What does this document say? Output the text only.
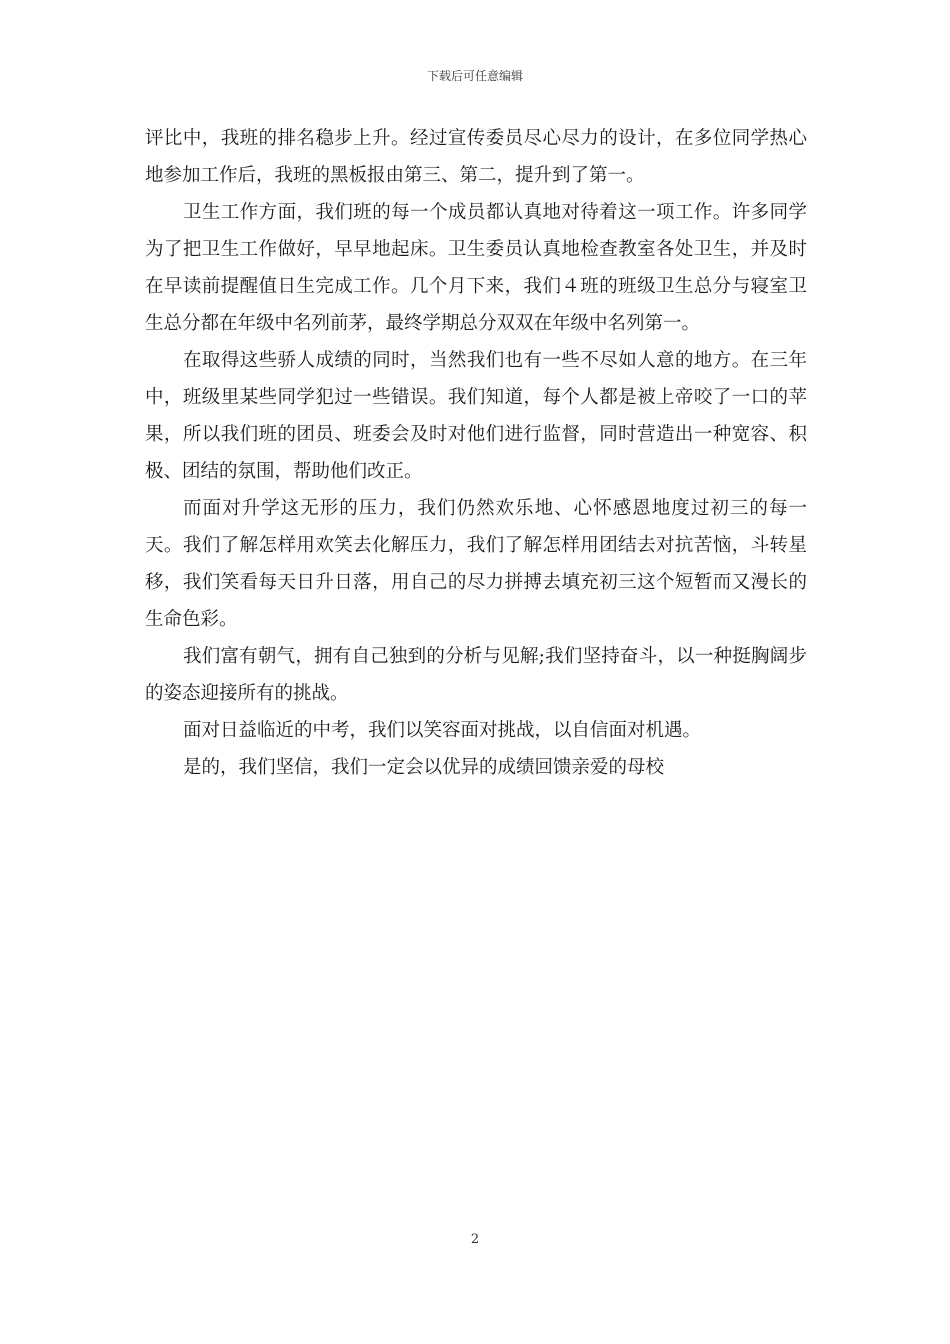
下载后可任意编辑

评比中，我班的排名稳步上升。经过宣传委员尽心尽力的设计，在多位同学热心地参加工作后，我班的黑板报由第三、第二，提升到了第一。

卫生工作方面，我们班的每一个成员都认真地对待着这一项工作。许多同学为了把卫生工作做好，早早地起床。卫生委员认真地检查教室各处卫生，并及时在早读前提醒值日生完成工作。几个月下来，我们４班的班级卫生总分与寝室卫生总分都在年级中名列前茅，最终学期总分双双在年级中名列第一。

在取得这些骄人成绩的同时，当然我们也有一些不尽如人意的地方。在三年中，班级里某些同学犯过一些错误。我们知道，每个人都是被上帝咬了一口的苹果，所以我们班的团员、班委会及时对他们进行监督，同时营造出一种宽容、积极、团结的氛围，帮助他们改正。

而面对升学这无形的压力，我们仍然欢乐地、心怀感恩地度过初三的每一天。我们了解怎样用欢笑去化解压力，我们了解怎样用团结去对抗苦恼，斗转星移，我们笑看每天日升日落，用自己的尽力拼搏去填充初三这个短暂而又漫长的生命色彩。

我们富有朝气，拥有自己独到的分析与见解;我们坚持奋斗，以一种挺胸阔步的姿态迎接所有的挑战。

面对日益临近的中考，我们以笑容面对挑战，以自信面对机遇。

是的，我们坚信，我们一定会以优异的成绩回馈亲爱的母校

2
